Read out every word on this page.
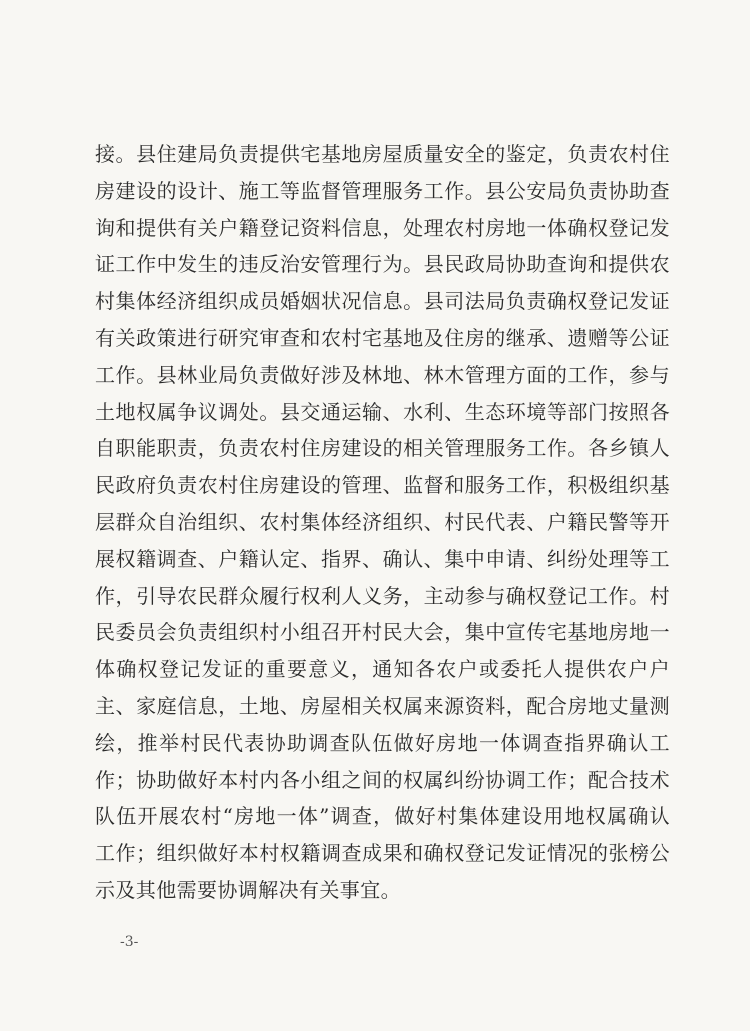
接。县住建局负责提供宅基地房屋质量安全的鉴定，负责农村住
房建设的设计、施工等监督管理服务工作。县公安局负责协助查
询和提供有关户籍登记资料信息，处理农村房地一体确权登记发
证工作中发生的违反治安管理行为。县民政局协助查询和提供农
村集体经济组织成员婚姻状况信息。县司法局负责确权登记发证
有关政策进行研究审查和农村宅基地及住房的继承、遗赠等公证
工作。县林业局负责做好涉及林地、林木管理方面的工作，参与
土地权属争议调处。县交通运输、水利、生态环境等部门按照各
自职能职责，负责农村住房建设的相关管理服务工作。各乡镇人
民政府负责农村住房建设的管理、监督和服务工作，积极组织基
层群众自治组织、农村集体经济组织、村民代表、户籍民警等开
展权籍调查、户籍认定、指界、确认、集中申请、纠纷处理等工
作，引导农民群众履行权利人义务，主动参与确权登记工作。村
民委员会负责组织村小组召开村民大会，集中宣传宅基地房地一
体确权登记发证的重要意义，通知各农户或委托人提供农户户
主、家庭信息，土地、房屋相关权属来源资料，配合房地丈量测
绘，推举村民代表协助调查队伍做好房地一体调查指界确认工
作；协助做好本村内各小组之间的权属纠纷协调工作；配合技术
队伍开展农村“房地一体”调查，做好村集体建设用地权属确认
工作；组织做好本村权籍调查成果和确权登记发证情况的张榜公
示及其他需要协调解决有关事宜。
-3-
